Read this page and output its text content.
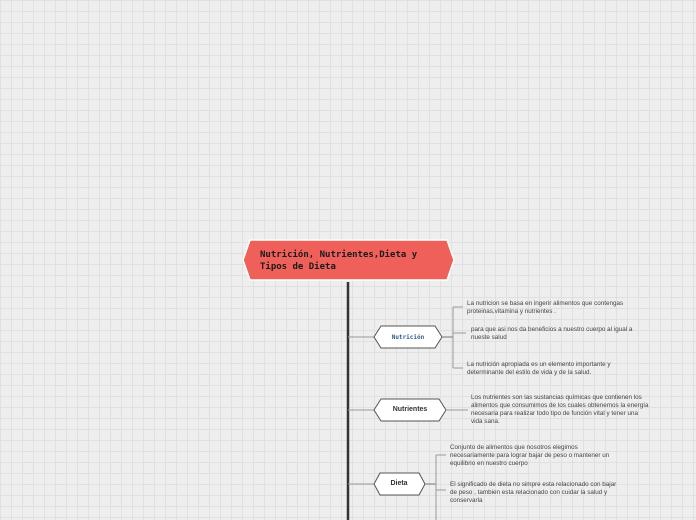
Nutrición, Nutrientes,Dieta y Tipos de Dieta
Nutrición
Nutrientes
Dieta
La nutricion se basa en ingerir alimentos que contengas proteinas,vitamina y nutrientes .
para que asi nos da beneficios a nuestro cuerpo al igual a nueste salud
La nutrición apropiada es un elemento importante y determinante del estilo de vida y de la salud.
Los nutrientes son las sustancias químicas que contienen los alimentos que consumimos de los cuales obtenemos la energía necesaria para realizar todo tipo de función vital y tener una vida sana.
Conjunto de alimentos que nosotros elegimos necesariamente para lograr bajar de peso o mantener un equilibrio en nuestro cuerpo
El significado de dieta no simpre esta relacionado con bajar de peso , tambien esta relacionado con cuidar la salud y conservarla
